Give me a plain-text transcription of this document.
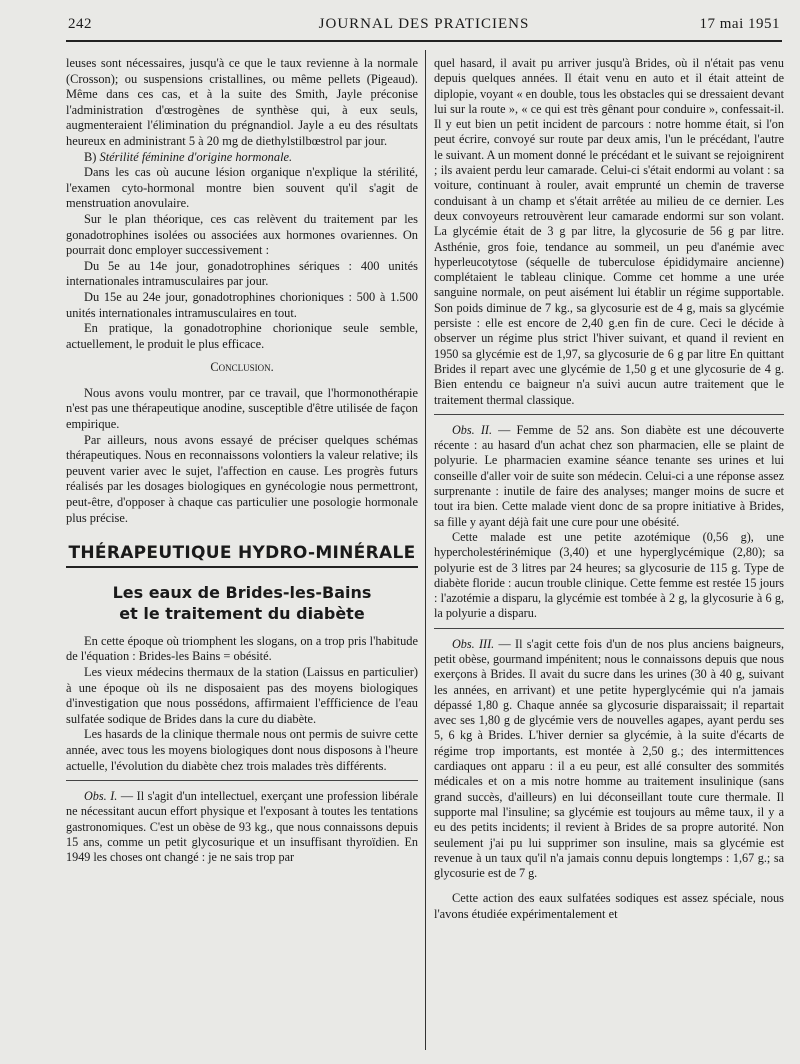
242	JOURNAL DES PRATICIENS	17 mai 1951

leuses sont nécessaires, jusqu'à ce que le taux revienne à la normale (Crosson); ou suspensions cristallines, ou même pellets (Pigeaud). Même dans ces cas, et à la suite des Smith, Jayle préconise l'administration d'œstrogènes de synthèse qui, à eux seuls, augmenteraient l'élimination du prégnandiol. Jayle a eu des résultats heureux en administrant 5 à 20 mg de diethylstilbœstrol par jour.

B) Stérilité féminine d'origine hormonale.

Dans les cas où aucune lésion organique n'explique la stérilité, l'examen cyto-hormonal montre bien souvent qu'il s'agit de menstruation anovulaire.

Sur le plan théorique, ces cas relèvent du traitement par les gonadotrophines isolées ou associées aux hormones ovariennes. On pourrait donc employer successivement :

Du 5e au 14e jour, gonadotrophines sériques : 400 unités internationales intramusculaires par jour.

Du 15e au 24e jour, gonadotrophines chorioniques : 500 à 1.500 unités internationales intramusculaires en tout.

En pratique, la gonadotrophine chorionique seule semble, actuellement, le produit le plus efficace.

Conclusion.

Nous avons voulu montrer, par ce travail, que l'hormonothérapie n'est pas une thérapeutique anodine, susceptible d'être utilisée de façon empirique.

Par ailleurs, nous avons essayé de préciser quelques schémas thérapeutiques. Nous en reconnaissons volontiers la valeur relative; ils peuvent varier avec le sujet, l'affection en cause. Les progrès futurs réalisés par les dosages biologiques en gynécologie nous permettront, peut-être, d'opposer à chaque cas particulier une posologie hormonale plus précise.

THÉRAPEUTIQUE HYDRO-MINÉRALE
Les eaux de Brides-les-Bains
et le traitement du diabète

En cette époque où triomphent les slogans, on a trop pris l'habitude de l'équation : Brides-les Bains = obésité.

Les vieux médecins thermaux de la station (Laissus en particulier) à une époque où ils ne disposaient pas des moyens biologiques d'investigation que nous possédons, affirmaient l'effficience de l'eau sulfatée sodique de Brides dans la cure du diabète.

Les hasards de la clinique thermale nous ont permis de suivre cette année, avec tous les moyens biologiques dont nous disposons à l'heure actuelle, l'évolution du diabète chez trois malades très différents.

Obs. I. — Il s'agit d'un intellectuel, exerçant une profession libérale ne nécessitant aucun effort physique et l'exposant à toutes les tentations gastronomiques. C'est un obèse de 93 kg., que nous connaissons depuis 15 ans, comme un petit glycosurique et un insuffisant thyroïdien. En 1949 les choses ont changé : je ne sais trop par

quel hasard, il avait pu arriver jusqu'à Brides, où il n'était pas venu depuis quelques années. Il était venu en auto et il était atteint de diplopie, voyant « en double, tous les obstacles qui se dressaient devant lui sur la route », « ce qui est très gênant pour conduire », confessait-il. Il y eut bien un petit incident de parcours : notre homme était, si l'on peut écrire, convoyé sur route par deux amis, l'un le précédant, l'autre le suivant. A un moment donné le précédant et le suivant se rejoignirent ; ils avaient perdu leur camarade. Celui-ci s'était endormi au volant : sa voiture, continuant à rouler, avait emprunté un chemin de traverse conduisant à un champ et s'était arrêtée au milieu de ce dernier. Les deux convoyeurs retrouvèrent leur camarade endormi sur son volant. La glycémie était de 3 g par litre, la glycosurie de 56 g par litre. Asthénie, gros foie, tendance au sommeil, un peu d'anémie avec hyperleucotytose (séquelle de tuberculose épididymaire ancienne) complétaient le tableau clinique. Comme cet homme a une urée sanguine normale, on peut aisément lui établir un régime supportable. Son poids diminue de 7 kg., sa glycosurie est de 4 g, mais sa glycémie persiste : elle est encore de 2,40 g.en fin de cure. Ceci le décide à observer un régime plus strict l'hiver suivant, et quand il revient en 1950 sa glycémie est de 1,97, sa glycosurie de 6 g par litre En quittant Brides il repart avec une glycémie de 1,50 g et une glycosurie de 4 g. Bien entendu ce baigneur n'a suivi aucun autre traitement que le traitement thermal classique.

Obs. II. — Femme de 52 ans. Son diabète est une découverte récente : au hasard d'un achat chez son pharmacien, elle se plaint de polyurie. Le pharmacien examine séance tenante ses urines et lui conseille d'aller voir de suite son médecin. Celui-ci a une réponse assez surprenante : inutile de faire des analyses; manger moins de sucre et tout ira bien. Cette malade vient donc de sa propre initiative à Brides, sa fille y ayant déjà fait une cure pour une obésité.

Cette malade est une petite azotémique (0,56 g), une hypercholestérinémique (3,40) et une hyperglycémique (2,80); sa polyurie est de 3 litres par 24 heures; sa glycosurie de 115 g. Type de diabète floride : aucun trouble clinique. Cette femme est restée 15 jours : l'azotémie a disparu, la glycémie est tombée à 2 g, la glycosurie à 6 g, la polyurie a disparu.

Obs. III. — Il s'agit cette fois d'un de nos plus anciens baigneurs, petit obèse, gourmand impénitent; nous le connaissons depuis que nous exerçons à Brides. Il avait du sucre dans les urines (30 à 40 g, suivant les années, en arrivant) et une petite hyperglycémie qui n'a jamais dépassé 1,80 g. Chaque année sa glycosurie disparaissait; il repartait avec ses 1,80 g de glycémie vers de nouvelles agapes, ayant perdu ses 5, 6 kg à Brides. L'hiver dernier sa glycémie, à la suite d'écarts de régime trop importants, est montée à 2,50 g.; des intermittences cardiaques ont apparu : il a eu peur, est allé consulter des sommités médicales et on a mis notre homme au traitement insulinique (sans grand succès, d'ailleurs) en lui déconseillant toute cure thermale. Il supporte mal l'insuline; sa glycémie est toujours au même taux, il y a eu des petits incidents; il revient à Brides de sa propre autorité. Non seulement j'ai pu lui supprimer son insuline, mais sa glycémie est revenue à un taux qu'il n'a jamais connu depuis longtemps : 1,67 g.; sa glycosurie est de 7 g.

Cette action des eaux sulfatées sodiques est assez spéciale, nous l'avons étudiée expérimentalement et
